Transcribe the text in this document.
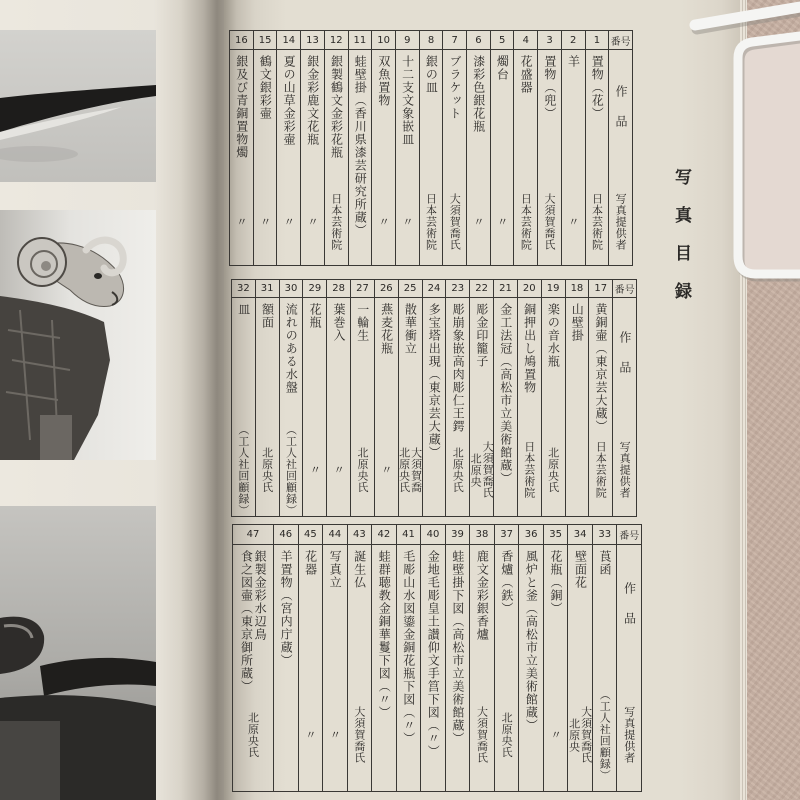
写真目録
番号
作品
写真提供者
1
置物（花）
日本芸術院
2
羊
〃
3
置物（兜）
大須賀喬氏
4
花盛器
日本芸術院
5
燭台
〃
6
漆彩色銀花瓶
〃
7
ブラケット
大須賀喬氏
8
銀の皿
日本芸術院
9
十二支文象嵌皿
〃
10
双魚置物
〃
11
蛙壁掛（香川県漆芸研究所蔵）
12
銀製鶴文金彩花瓶
日本芸術院
13
銀金彩鹿文花瓶
〃
14
夏の山草金彩壷
〃
15
鶴文銀彩壷
〃
16
銀及び青銅置物燭
〃
番号
作品
写真提供者
17
黄銅壷（東京芸大蔵）
日本芸術院
18
山壁掛
19
楽の音水瓶
北原央氏
20
銅押出し鳩置物
日本芸術院
21
金工法冠（高松市立美術館蔵）
22
彫金印籠子
大須賀喬氏
北原央
23
彫崩象嵌高肉彫仁王鍔
北原央氏
24
多宝塔出現（東京芸大蔵）
25
散華衝立
大須賀喬
北原央氏
26
燕麦花瓶
〃
27
一輪生
北原央氏
28
葉巻入
〃
29
花瓶
〃
30
流れのある水盤
（工人社回顧録）
31
額面
北原央氏
32
皿
（工人社回顧録）
番号
作品
写真提供者
33
莨函
（工人社回顧録）
34
壁面花
大須賀喬氏
北原央
35
花瓶（銅）
〃
36
風炉と釜（高松市立美術館蔵）
37
香爐（鉄）
北原央氏
38
鹿文金彩銀香爐
大須賀喬氏
39
蛙壁掛下図（高松市立美術館蔵）
40
金地毛彫皇土讃仰文手筥下図（〃）
41
毛彫山水図鎏金銅花瓶下図（〃）
42
蛙群聴教金銅華鬘下図（〃）
43
誕生仏
大須賀喬氏
44
写真立
〃
45
花器
〃
46
羊置物（宮内庁蔵）
47
銀製金彩水辺鳥
食之図壷（東京御所蔵）
北原央氏
